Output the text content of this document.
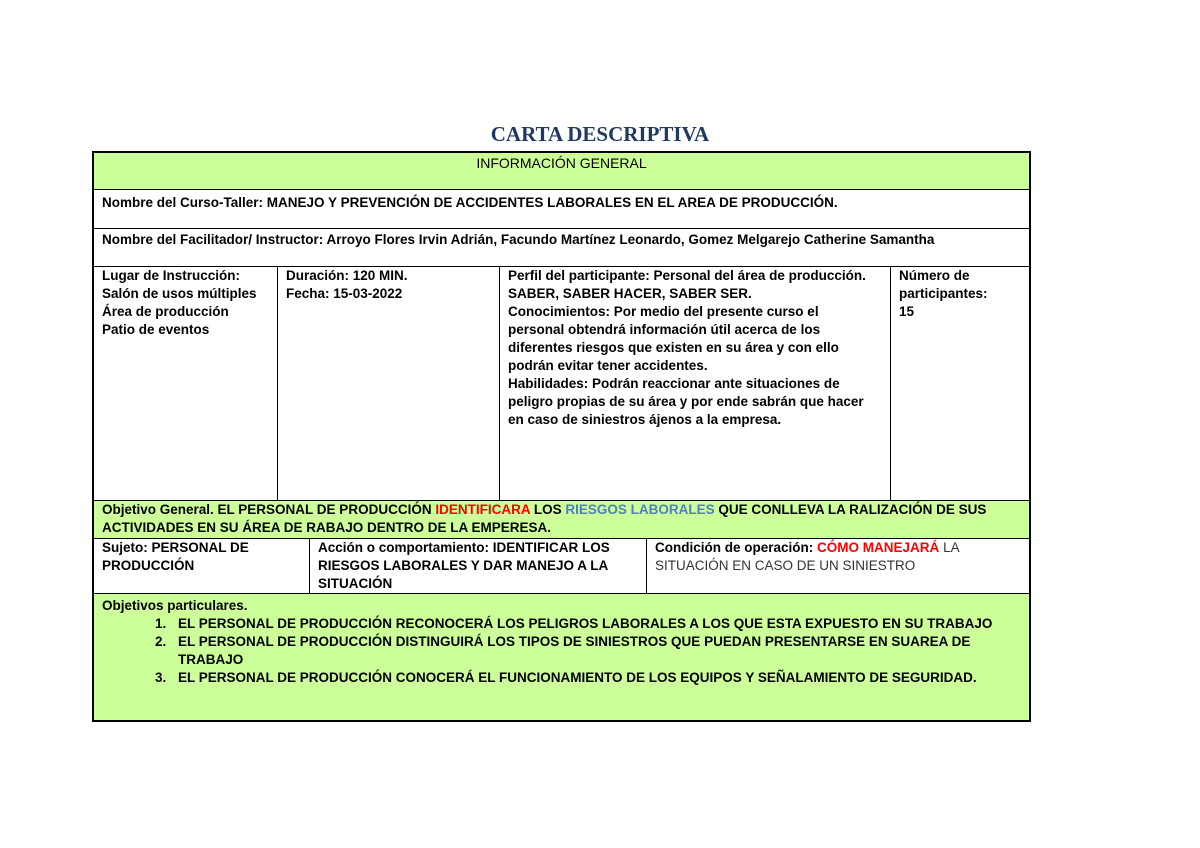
CARTA DESCRIPTIVA
INFORMACIÓN GENERAL
Nombre del Curso-Taller: MANEJO Y PREVENCIÓN DE ACCIDENTES LABORALES EN EL AREA DE PRODUCCIÓN.
Nombre del Facilitador/ Instructor: Arroyo Flores Irvin Adrián, Facundo Martínez Leonardo, Gomez Melgarejo Catherine Samantha
Lugar de Instrucción:
Salón de usos múltiples
Área de producción
Patio de eventos
Duración: 120 MIN.
Fecha: 15-03-2022
Perfil del participante: Personal del área de producción. SABER, SABER HACER, SABER SER.
Conocimientos: Por medio del presente curso el personal obtendrá información útil acerca de los diferentes riesgos que existen en su área y con ello podrán evitar tener accidentes.
Habilidades: Podrán reaccionar ante situaciones de peligro propias de su área y por ende sabrán que hacer en caso de siniestros ájenos a la empresa.
Número de participantes:
15
Objetivo General. EL PERSONAL DE PRODUCCIÓN IDENTIFICARA LOS RIESGOS LABORALES QUE CONLLEVA LA RALIZACIÓN DE SUS ACTIVIDADES EN SU ÁREA DE RABAJO DENTRO DE LA EMPERESA.
Sujeto: PERSONAL DE PRODUCCIÓN
Acción o comportamiento: IDENTIFICAR LOS RIESGOS LABORALES Y DAR MANEJO A LA SITUACIÓN
Condición de operación: CÓMO MANEJARÁ LA SITUACIÓN EN CASO DE UN SINIESTRO
Objetivos particulares.
1. EL PERSONAL DE PRODUCCIÓN RECONOCERÁ LOS PELIGROS LABORALES A LOS QUE ESTA EXPUESTO EN SU TRABAJO
2. EL PERSONAL DE PRODUCCIÓN DISTINGUIRÁ LOS TIPOS DE SINIESTROS QUE PUEDAN PRESENTARSE EN SUAREA DE TRABAJO
3. EL PERSONAL DE PRODUCCIÓN CONOCERÁ EL FUNCIONAMIENTO DE LOS EQUIPOS Y SEÑALAMIENTO DE SEGURIDAD.
